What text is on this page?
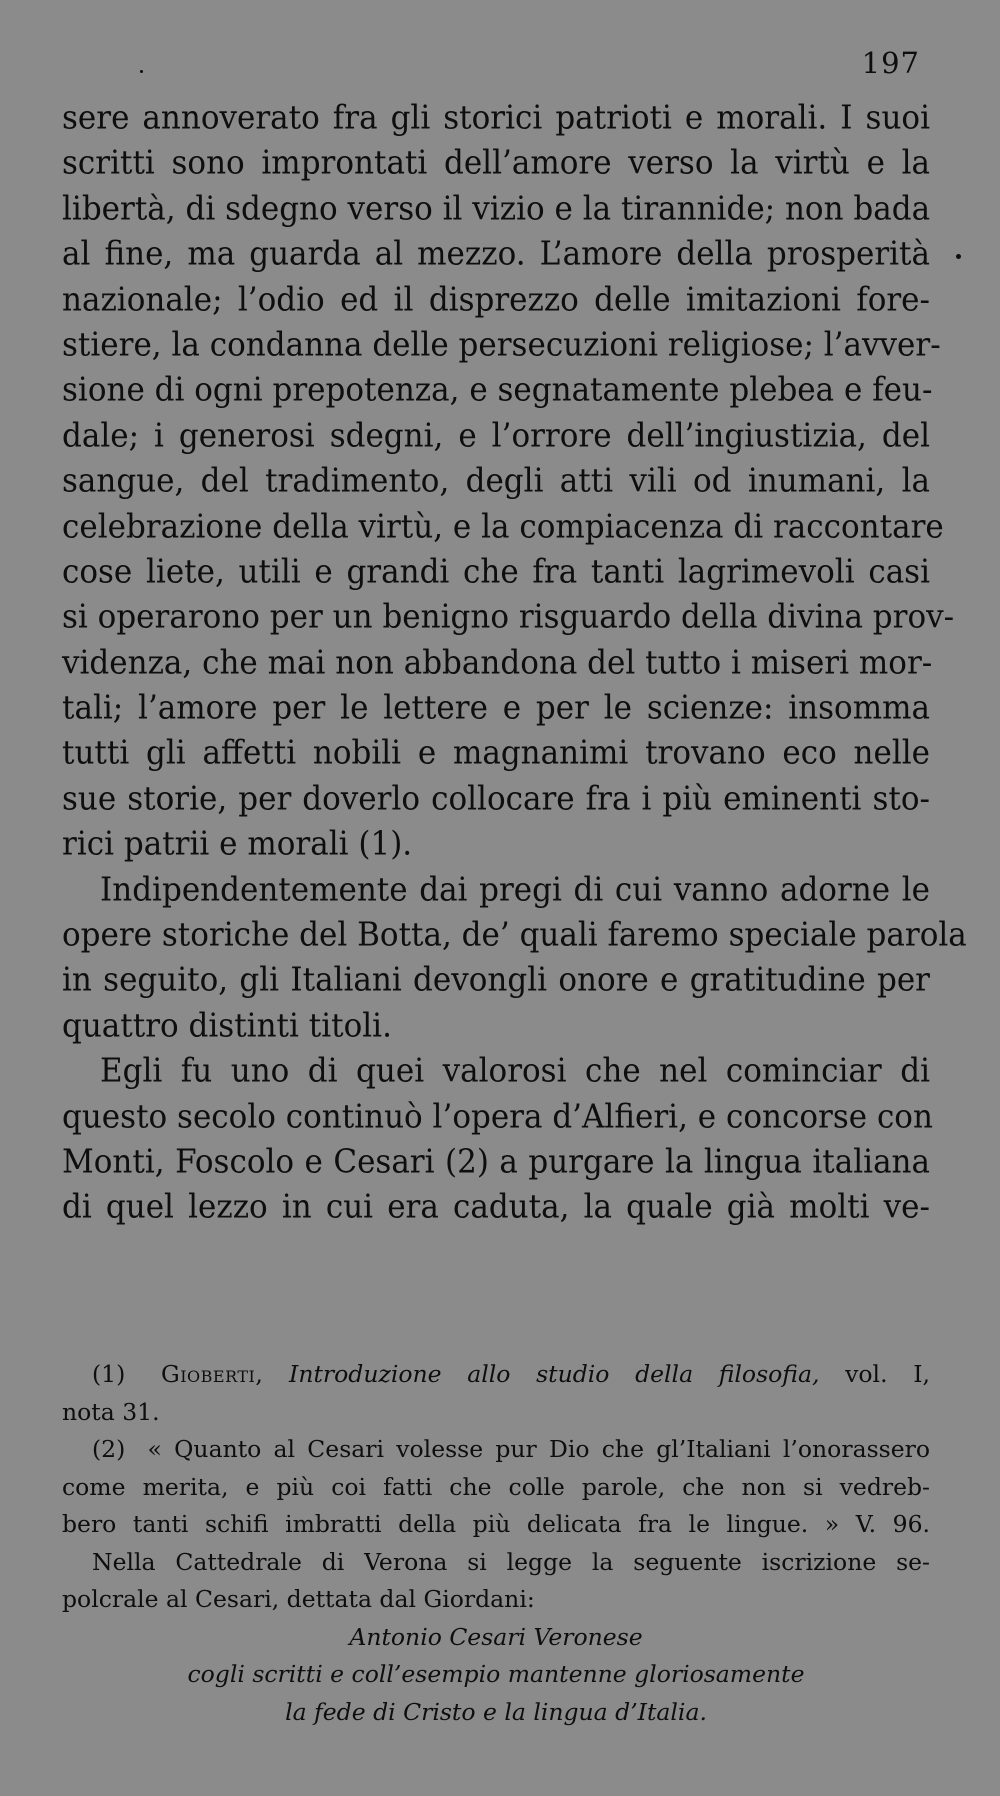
197
sere annoverato fra gli storici patrioti e morali. I suoi
scritti sono improntati dell’amore verso la virtù e la
libertà, di sdegno verso il vizio e la tirannide; non bada
al fine, ma guarda al mezzo. L’amore della prosperità
nazionale; l’odio ed il disprezzo delle imitazioni fore-
stiere, la condanna delle persecuzioni religiose; l’avver-
sione di ogni prepotenza, e segnatamente plebea e feu-
dale; i generosi sdegni, e l’orrore dell’ingiustizia, del
sangue, del tradimento, degli atti vili od inumani, la
celebrazione della virtù, e la compiacenza di raccontare
cose liete, utili e grandi che fra tanti lagrimevoli casi
si operarono per un benigno risguardo della divina prov-
videnza, che mai non abbandona del tutto i miseri mor-
tali; l’amore per le lettere e per le scienze: insomma
tutti gli affetti nobili e magnanimi trovano eco nelle
sue storie, per doverlo collocare fra i più eminenti sto-
rici patrii e morali (1).
Indipendentemente dai pregi di cui vanno adorne le
opere storiche del Botta, de’ quali faremo speciale parola
in seguito, gli Italiani devongli onore e gratitudine per
quattro distinti titoli.
Egli fu uno di quei valorosi che nel cominciar di
questo secolo continuò l’opera d’Alfieri, e concorse con
Monti, Foscolo e Cesari (2) a purgare la lingua italiana
di quel lezzo in cui era caduta, la quale già molti ve-
(1) Gioberti, Introduzione allo studio della filosofia, vol. I,
nota 31.
(2) « Quanto al Cesari volesse pur Dio che gl’Italiani l’onorassero
come merita, e più coi fatti che colle parole, che non si vedreb-
bero tanti schifi imbratti della più delicata fra le lingue. » V. 96.
Nella Cattedrale di Verona si legge la seguente iscrizione se-
polcrale al Cesari, dettata dal Giordani:
Antonio Cesari Veronese
cogli scritti e coll’esempio mantenne gloriosamente
la fede di Cristo e la lingua d’Italia.
